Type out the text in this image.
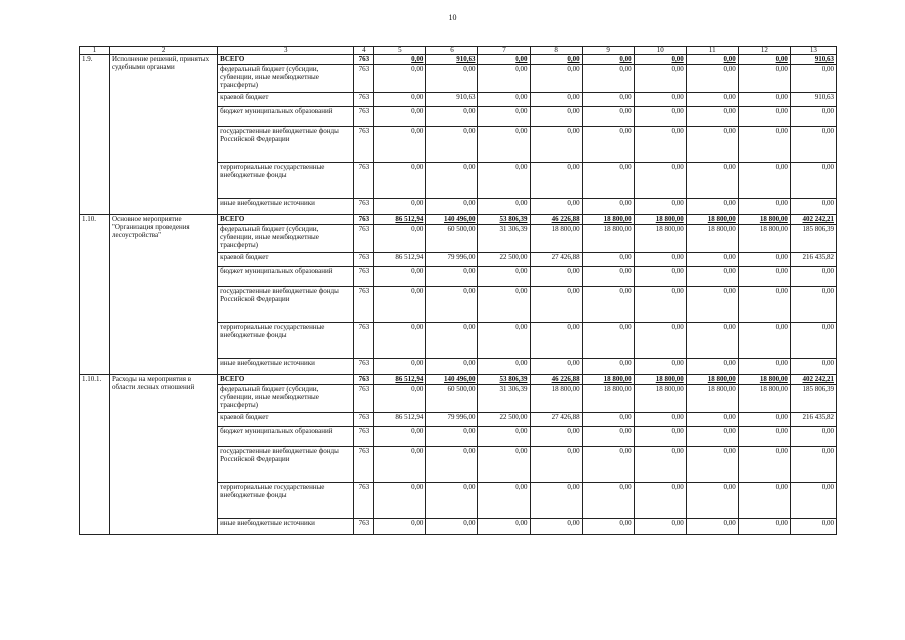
10
1	2	3	4	5	6	7	8	9	10	11	12	13
1.9.	Исполнение решений, принятых судебными органами	ВСЕГО	763	0,00	910,63	0,00	0,00	0,00	0,00	0,00	0,00	910,63
		федеральный бюджет (субсидии, субвенции, иные межбюджетные трансферты)	763	0,00	0,00	0,00	0,00	0,00	0,00	0,00	0,00	0,00
		краевой бюджет	763	0,00	910,63	0,00	0,00	0,00	0,00	0,00	0,00	910,63
		бюджет муниципальных образований	763	0,00	0,00	0,00	0,00	0,00	0,00	0,00	0,00	0,00
		государственные внебюджетные фонды Российской Федерации	763	0,00	0,00	0,00	0,00	0,00	0,00	0,00	0,00	0,00
		территориальные государственные внебюджетные фонды	763	0,00	0,00	0,00	0,00	0,00	0,00	0,00	0,00	0,00
		иные внебюджетные источники	763	0,00	0,00	0,00	0,00	0,00	0,00	0,00	0,00	0,00
1.10.	Основное мероприятие "Организация проведения лесоустройства"	ВСЕГО	763	86 512,94	140 496,00	53 806,39	46 226,88	18 800,00	18 800,00	18 800,00	18 800,00	402 242,21
		федеральный бюджет (субсидии, субвенции, иные межбюджетные трансферты)	763	0,00	60 500,00	31 306,39	18 800,00	18 800,00	18 800,00	18 800,00	18 800,00	185 806,39
		краевой бюджет	763	86 512,94	79 996,00	22 500,00	27 426,88	0,00	0,00	0,00	0,00	216 435,82
		бюджет муниципальных образований	763	0,00	0,00	0,00	0,00	0,00	0,00	0,00	0,00	0,00
		государственные внебюджетные фонды Российской Федерации	763	0,00	0,00	0,00	0,00	0,00	0,00	0,00	0,00	0,00
		территориальные государственные внебюджетные фонды	763	0,00	0,00	0,00	0,00	0,00	0,00	0,00	0,00	0,00
		иные внебюджетные источники	763	0,00	0,00	0,00	0,00	0,00	0,00	0,00	0,00	0,00
1.10.1.	Расходы на мероприятия в области лесных отношений	ВСЕГО	763	86 512,94	140 496,00	53 806,39	46 226,88	18 800,00	18 800,00	18 800,00	18 800,00	402 242,21
		федеральный бюджет (субсидии, субвенции, иные межбюджетные трансферты)	763	0,00	60 500,00	31 306,39	18 800,00	18 800,00	18 800,00	18 800,00	18 800,00	185 806,39
		краевой бюджет	763	86 512,94	79 996,00	22 500,00	27 426,88	0,00	0,00	0,00	0,00	216 435,82
		бюджет муниципальных образований	763	0,00	0,00	0,00	0,00	0,00	0,00	0,00	0,00	0,00
		государственные внебюджетные фонды Российской Федерации	763	0,00	0,00	0,00	0,00	0,00	0,00	0,00	0,00	0,00
		территориальные государственные внебюджетные фонды	763	0,00	0,00	0,00	0,00	0,00	0,00	0,00	0,00	0,00
		иные внебюджетные источники	763	0,00	0,00	0,00	0,00	0,00	0,00	0,00	0,00	0,00
